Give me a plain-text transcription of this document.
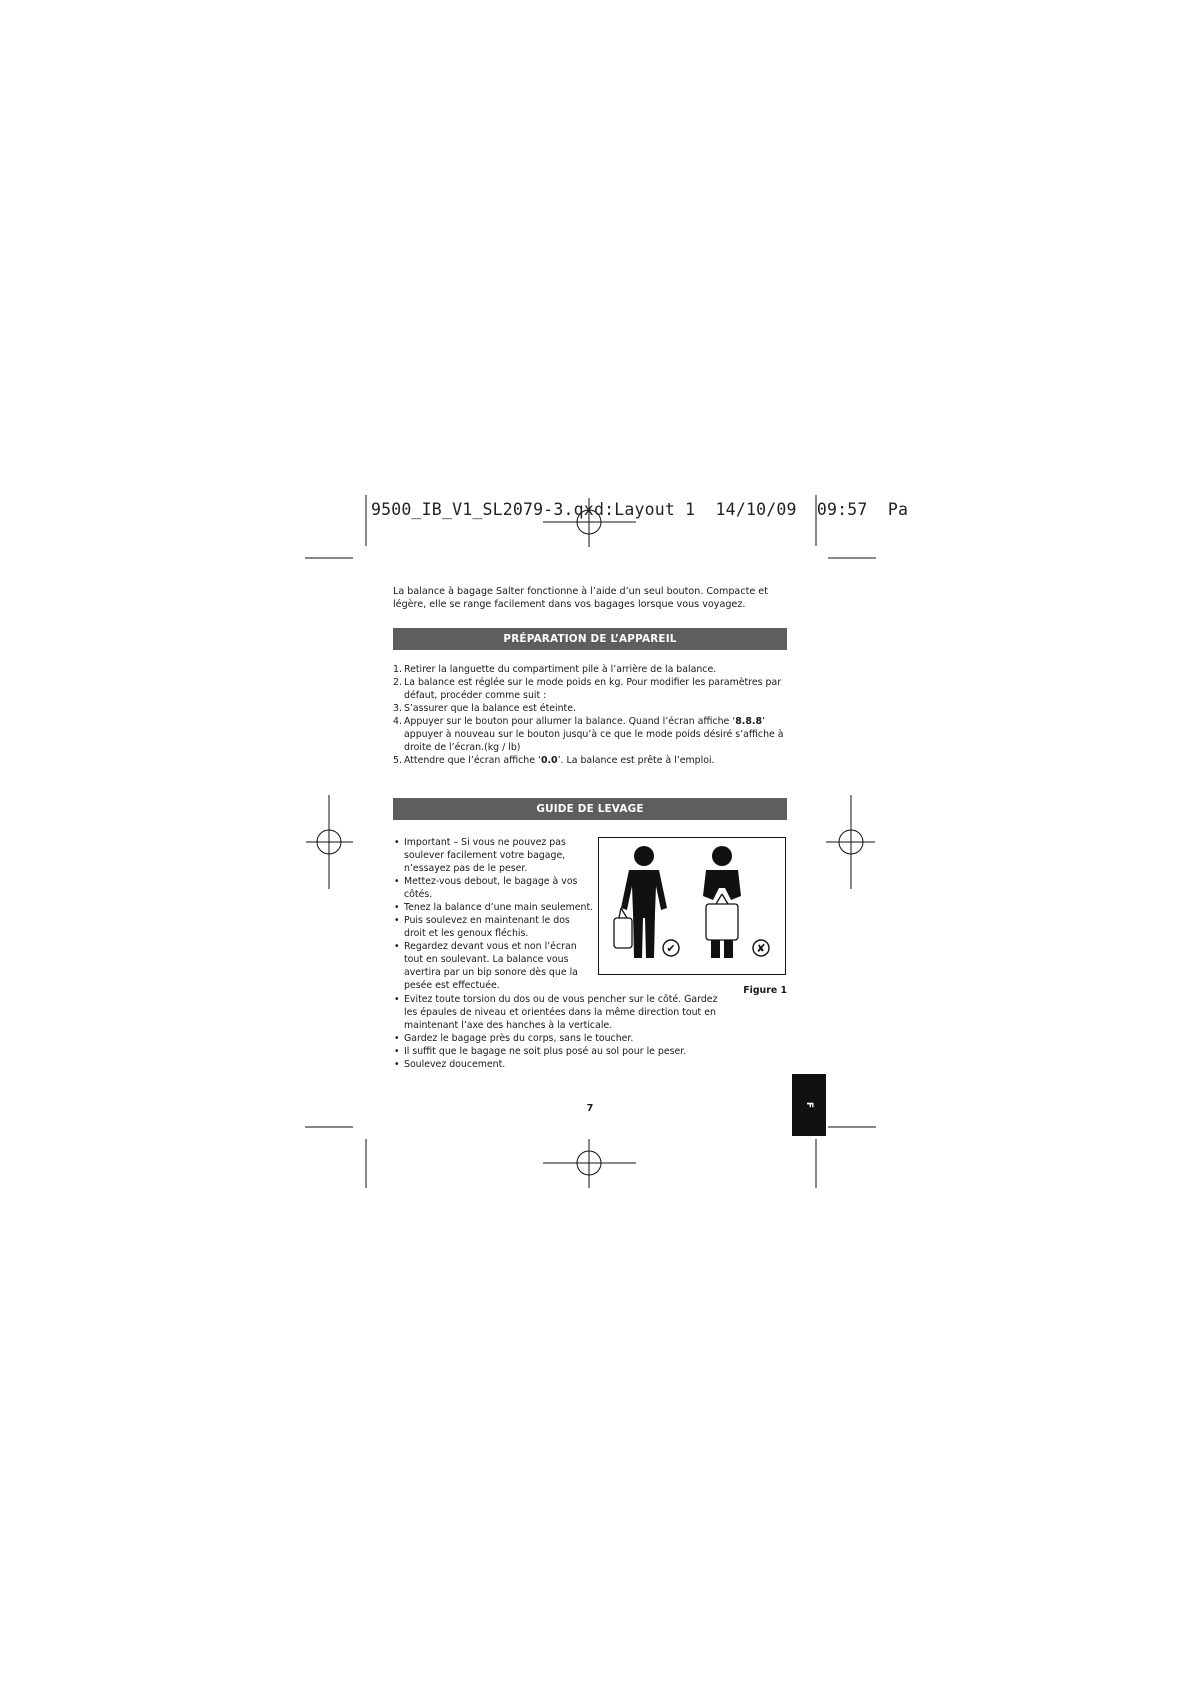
9500_IB_V1_SL2079-3.qxd:Layout 1  14/10/09  09:57  Pa

La balance à bagage Salter fonctionne à l’aide d’un seul bouton. Compacte et légère, elle se range facilement dans vos bagages lorsque vous voyagez.

PRÉPARATION DE L’APPAREIL
1. Retirer la languette du compartiment pile à l’arrière de la balance.
2. La balance est réglée sur le mode poids en kg. Pour modifier les paramètres par défaut, procéder comme suit :
3. S’assurer que la balance est éteinte.
4. Appuyer sur le bouton pour allumer la balance. Quand l’écran affiche ‘8.8.8’ appuyer à nouveau sur le bouton jusqu’à ce que le mode poids désiré s’affiche à droite de l’écran.(kg / lb)
5. Attendre que l’écran affiche ‘0.0’. La balance est prête à l’emploi.
GUIDE DE LEVAGE
• Important – Si vous ne pouvez pas soulever facilement votre bagage, n’essayez pas de le peser.
• Mettez-vous debout, le bagage à vos côtés.
• Tenez la balance d’une main seulement.
• Puis soulevez en maintenant le dos droit et les genoux fléchis.
• Regardez devant vous et non l’écran tout en soulevant. La balance vous avertira par un bip sonore dès que la pesée est effectuée.
• Evitez toute torsion du dos ou de vous pencher sur le côté. Gardez les épaules de niveau et orientées dans la même direction tout en maintenant l’axe des hanches à la verticale.
• Gardez le bagage près du corps, sans le toucher.
• Il suffit que le bagage ne soit plus posé au sol pour le peser.
• Soulevez doucement.
✔	✘
Figure 1
7	F
